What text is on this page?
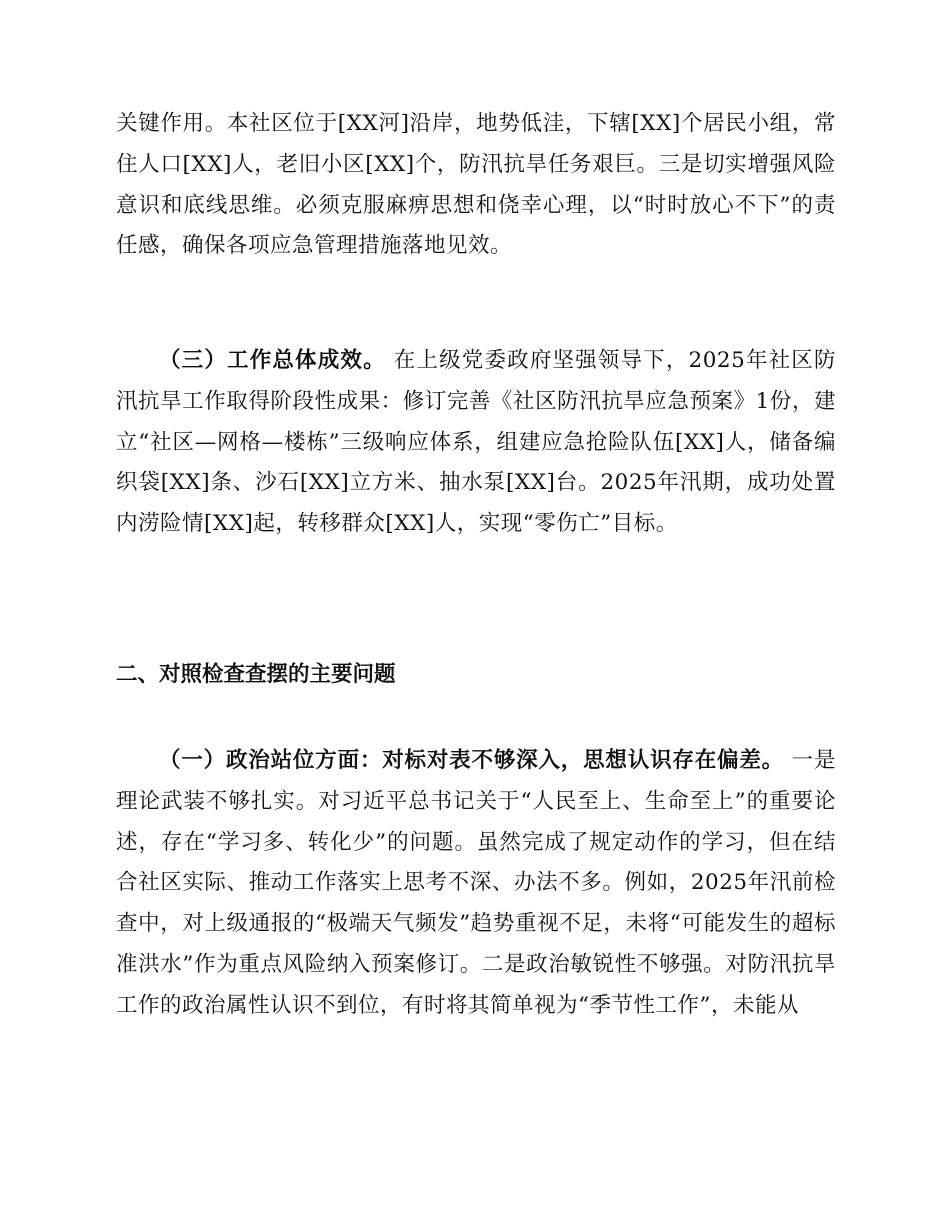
关键作用。本社区位于[XX河]沿岸，地势低洼，下辖[XX]个居民小组，常住人口[XX]人，老旧小区[XX]个，防汛抗旱任务艰巨。三是切实增强风险意识和底线思维。必须克服麻痹思想和侥幸心理，以“时时放心不下”的责任感，确保各项应急管理措施落地见效。

（三）工作总体成效。 在上级党委政府坚强领导下，2025年社区防汛抗旱工作取得阶段性成果：修订完善《社区防汛抗旱应急预案》1份，建立“社区—网格—楼栋”三级响应体系，组建应急抢险队伍[XX]人，储备编织袋[XX]条、沙石[XX]立方米、抽水泵[XX]台。2025年汛期，成功处置内涝险情[XX]起，转移群众[XX]人，实现“零伤亡”目标。

二、对照检查查摆的主要问题

（一）政治站位方面：对标对表不够深入，思想认识存在偏差。 一是理论武装不够扎实。对习近平总书记关于“人民至上、生命至上”的重要论述，存在“学习多、转化少”的问题。虽然完成了规定动作的学习，但在结合社区实际、推动工作落实上思考不深、办法不多。例如，2025年汛前检查中，对上级通报的“极端天气频发”趋势重视不足，未将“可能发生的超标准洪水”作为重点风险纳入预案修订。二是政治敏锐性不够强。对防汛抗旱工作的政治属性认识不到位，有时将其简单视为“季节性工作”，未能从
